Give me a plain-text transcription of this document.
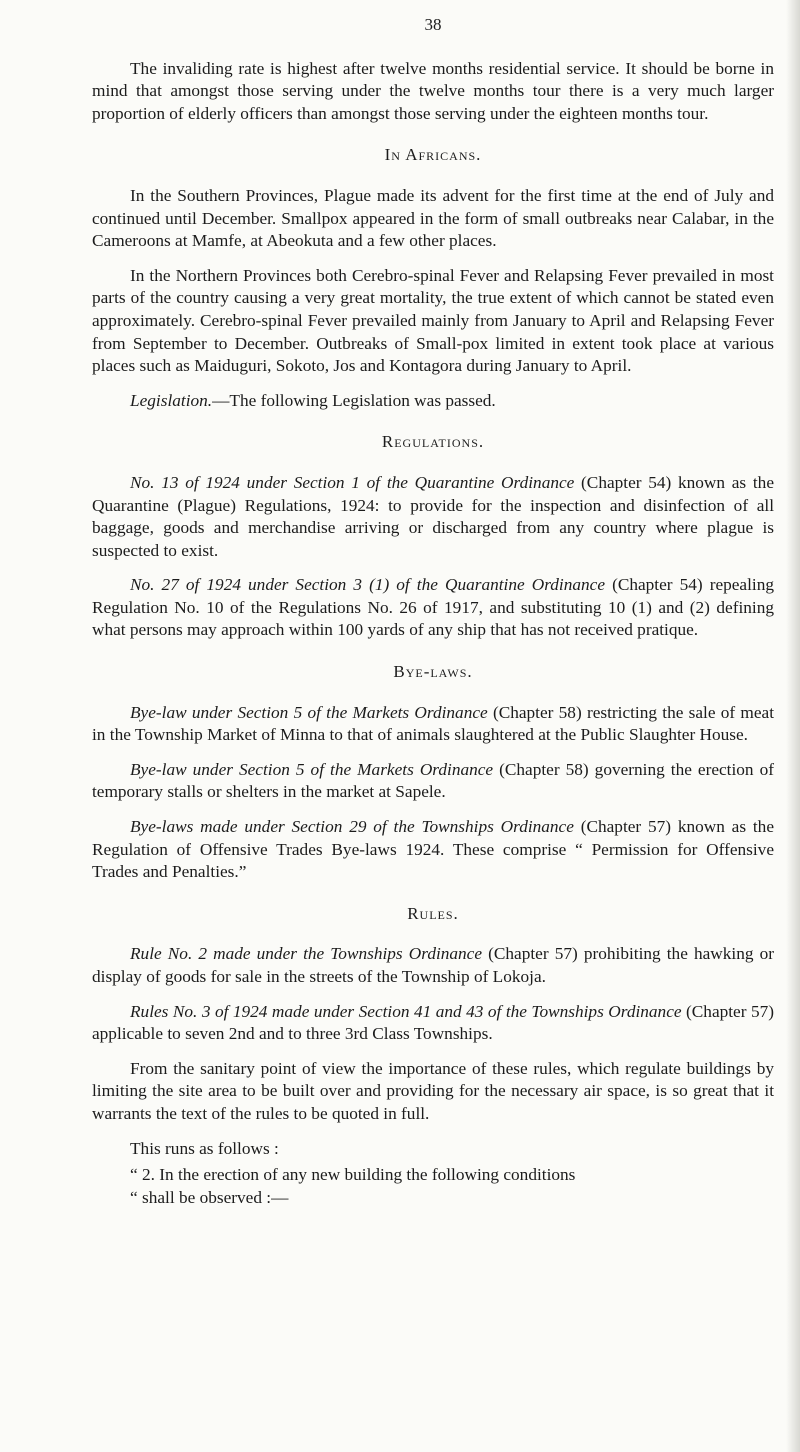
38

The invaliding rate is highest after twelve months residential service. It should be borne in mind that amongst those serving under the twelve months tour there is a very much larger proportion of elderly officers than amongst those serving under the eighteen months tour.

In Africans.

In the Southern Provinces, Plague made its advent for the first time at the end of July and continued until December. Smallpox appeared in the form of small outbreaks near Calabar, in the Cameroons at Mamfe, at Abeokuta and a few other places.

In the Northern Provinces both Cerebro-spinal Fever and Relapsing Fever prevailed in most parts of the country causing a very great mortality, the true extent of which cannot be stated even approximately. Cerebro-spinal Fever prevailed mainly from January to April and Relapsing Fever from September to December. Outbreaks of Small-pox limited in extent took place at various places such as Maiduguri, Sokoto, Jos and Kontagora during January to April.

Legislation.—The following Legislation was passed.

Regulations.

No. 13 of 1924 under Section 1 of the Quarantine Ordinance (Chapter 54) known as the Quarantine (Plague) Regulations, 1924: to provide for the inspection and disinfection of all baggage, goods and merchandise arriving or discharged from any country where plague is suspected to exist.

No. 27 of 1924 under Section 3 (1) of the Quarantine Ordinance (Chapter 54) repealing Regulation No. 10 of the Regulations No. 26 of 1917, and substituting 10 (1) and (2) defining what persons may approach within 100 yards of any ship that has not received pratique.

Bye-laws.

Bye-law under Section 5 of the Markets Ordinance (Chapter 58) restricting the sale of meat in the Township Market of Minna to that of animals slaughtered at the Public Slaughter House.

Bye-law under Section 5 of the Markets Ordinance (Chapter 58) governing the erection of temporary stalls or shelters in the market at Sapele.

Bye-laws made under Section 29 of the Townships Ordinance (Chapter 57) known as the Regulation of Offensive Trades Bye-laws 1924. These comprise “ Permission for Offensive Trades and Penalties.”

Rules.

Rule No. 2 made under the Townships Ordinance (Chapter 57) prohibiting the hawking or display of goods for sale in the streets of the Township of Lokoja.

Rules No. 3 of 1924 made under Section 41 and 43 of the Townships Ordinance (Chapter 57) applicable to seven 2nd and to three 3rd Class Townships.

From the sanitary point of view the importance of these rules, which regulate buildings by limiting the site area to be built over and providing for the necessary air space, is so great that it warrants the text of the rules to be quoted in full.

This runs as follows :

“ 2. In the erection of any new building the following conditions

“ shall be observed :—
